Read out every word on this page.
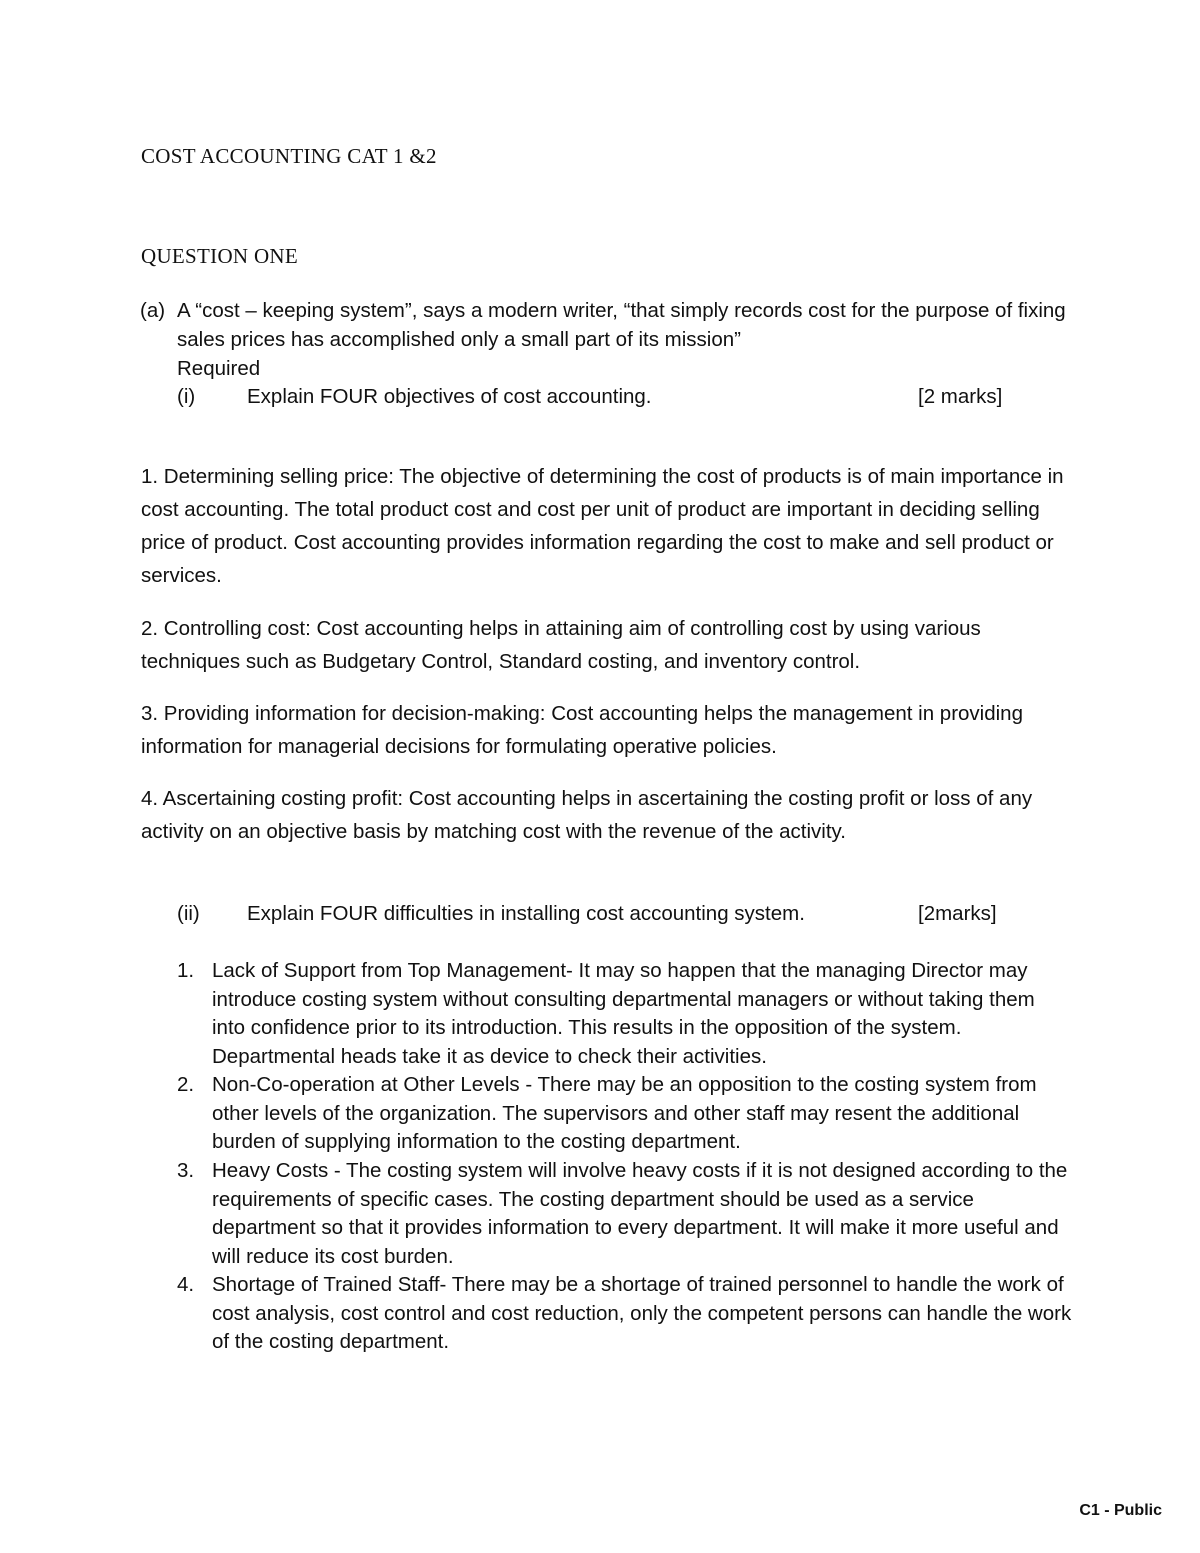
COST ACCOUNTING CAT 1 &2
QUESTION ONE
(a) A “cost – keeping system”, says a modern writer, “that simply records cost for the purpose of fixing sales prices has accomplished only a small part of its mission”
Required
(i)	Explain FOUR objectives of cost accounting.	[2 marks]
1. Determining selling price: The objective of determining the cost of products is of main importance in cost accounting. The total product cost and cost per unit of product are important in deciding selling price of product. Cost accounting provides information regarding the cost to make and sell product or services.
2. Controlling cost: Cost accounting helps in attaining aim of controlling cost by using various techniques such as Budgetary Control, Standard costing, and inventory control.
3. Providing information for decision-making: Cost accounting helps the management in providing information for managerial decisions for formulating operative policies.
4. Ascertaining costing profit: Cost accounting helps in ascertaining the costing profit or loss of any activity on an objective basis by matching cost with the revenue of the activity.
(ii) Explain FOUR difficulties in installing cost accounting system.	[2marks]
1. Lack of Support from Top Management- It may so happen that the managing Director may introduce costing system without consulting departmental managers or without taking them into confidence prior to its introduction. This results in the opposition of the system. Departmental heads take it as device to check their activities.
2. Non-Co-operation at Other Levels - There may be an opposition to the costing system from other levels of the organization. The supervisors and other staff may resent the additional burden of supplying information to the costing department.
3. Heavy Costs - The costing system will involve heavy costs if it is not designed according to the requirements of specific cases. The costing department should be used as a service department so that it provides information to every department. It will make it more useful and will reduce its cost burden.
4. Shortage of Trained Staff- There may be a shortage of trained personnel to handle the work of cost analysis, cost control and cost reduction, only the competent persons can handle the work of the costing department.
C1 - Public
